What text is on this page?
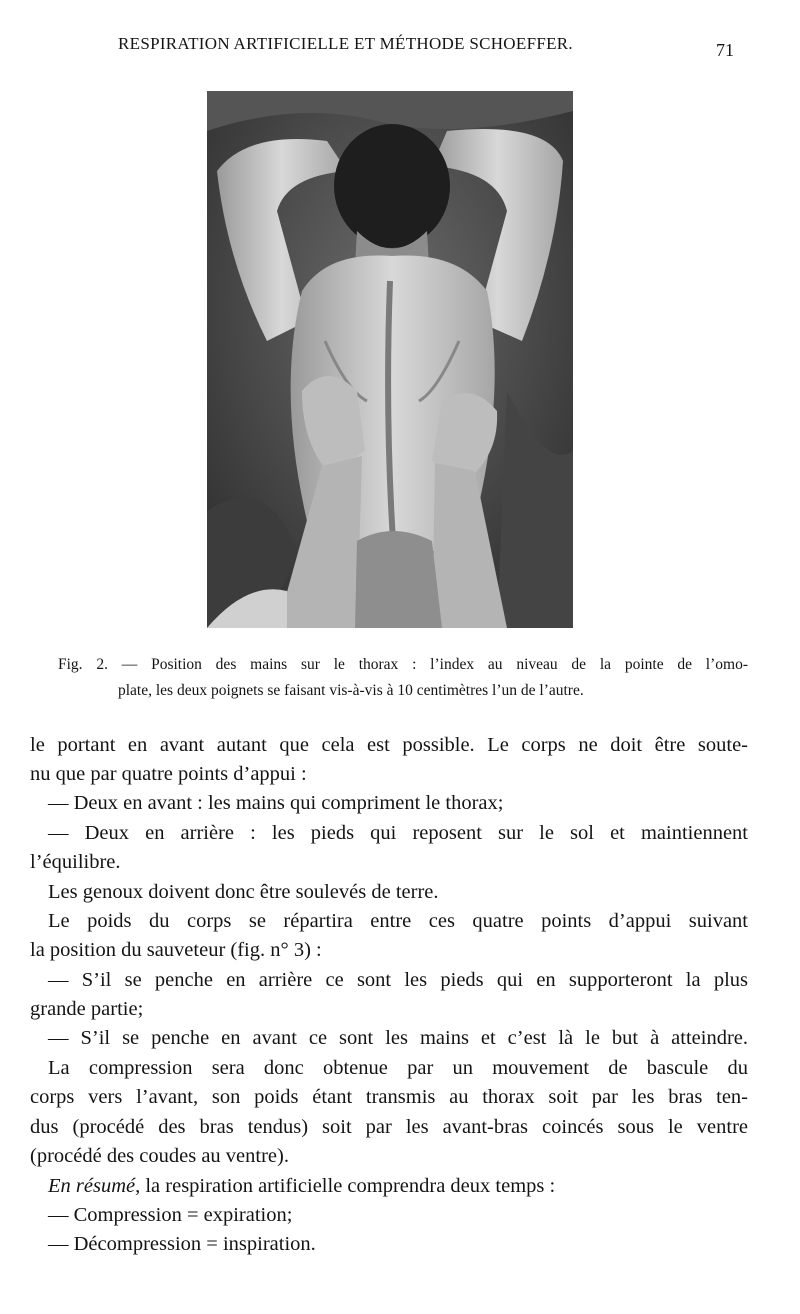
RESPIRATION ARTIFICIELLE ET MÉTHODE SCHOEFFER.	71
Fig. 2. — Position des mains sur le thorax : l’index au niveau de la pointe de l’omo-
plate, les deux poignets se faisant vis-à-vis à 10 centimètres l’un de l’autre.
le portant en avant autant que cela est possible. Le corps ne doit être soute-
nu que par quatre points d’appui :
— Deux en avant : les mains qui compriment le thorax;
— Deux en arrière : les pieds qui reposent sur le sol et maintiennent
l’équilibre.
Les genoux doivent donc être soulevés de terre.
Le poids du corps se répartira entre ces quatre points d’appui suivant
la position du sauveteur (fig. n° 3) :
— S’il se penche en arrière ce sont les pieds qui en supporteront la plus
grande partie;
— S’il se penche en avant ce sont les mains et c’est là le but à atteindre.
La compression sera donc obtenue par un mouvement de bascule du
corps vers l’avant, son poids étant transmis au thorax soit par les bras ten-
dus (procédé des bras tendus) soit par les avant-bras coincés sous le ventre
(procédé des coudes au ventre).
En résumé, la respiration artificielle comprendra deux temps :
— Compression = expiration;
— Décompression = inspiration.
